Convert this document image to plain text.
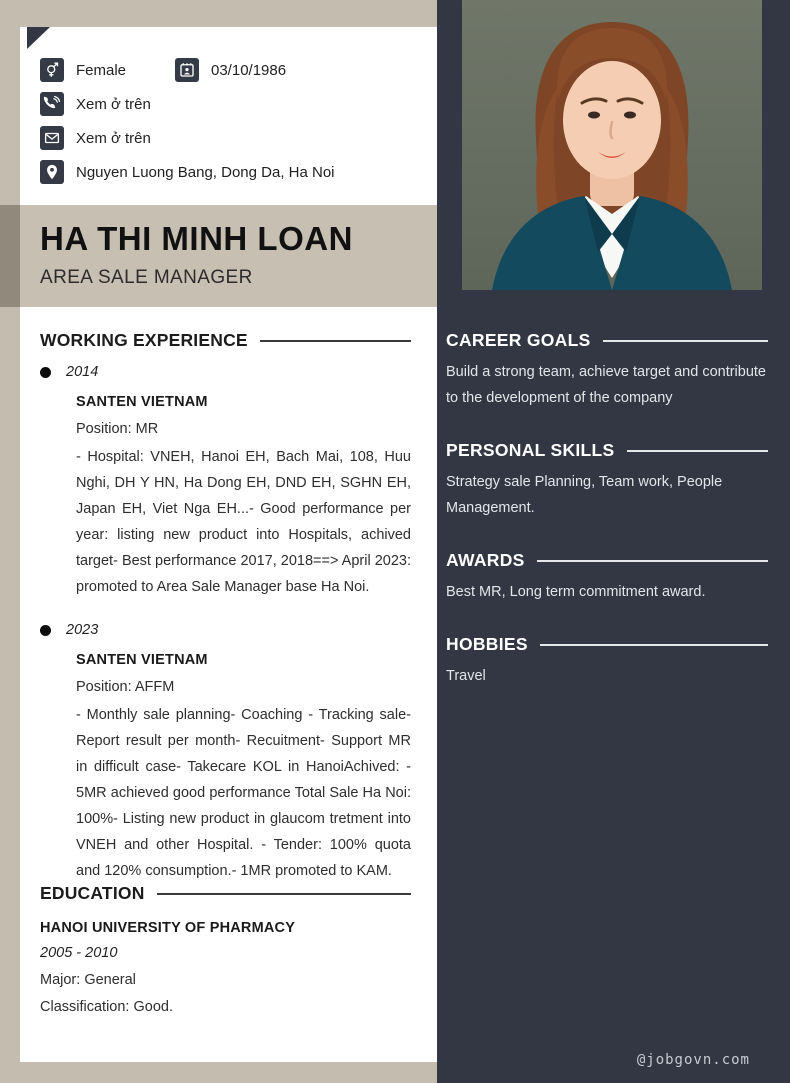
Female	03/10/1986
Xem ở trên
Xem ở trên
Nguyen Luong Bang, Dong Da, Ha Noi
HA THI MINH LOAN
AREA SALE MANAGER
WORKING EXPERIENCE
2014
SANTEN VIETNAM
Position: MR
- Hospital: VNEH, Hanoi EH, Bach Mai, 108, Huu Nghi, DH Y HN, Ha Dong EH, DND EH, SGHN EH, Japan EH, Viet Nga EH...- Good performance per year: listing new product into Hospitals, achived target- Best performance 2017, 2018==> April 2023: promoted to Area Sale Manager base Ha Noi.
2023
SANTEN VIETNAM
Position: AFFM
- Monthly sale planning- Coaching - Tracking sale- Report result per month- Recuitment- Support MR in difficult case- Takecare KOL in HanoiAchived: - 5MR achieved good performance Total Sale Ha Noi: 100%- Listing new product in glaucom tretment into VNEH and other Hospital. - Tender: 100% quota and 120% consumption.- 1MR promoted to KAM.
EDUCATION
HANOI UNIVERSITY OF PHARMACY
2005 - 2010
Major: General
Classification: Good.
CAREER GOALS
Build a strong team, achieve target and contribute to the development of the company
PERSONAL SKILLS
Strategy sale Planning, Team work, People Management.
AWARDS
Best MR, Long term commitment award.
HOBBIES
Travel
@jobgovn.com
